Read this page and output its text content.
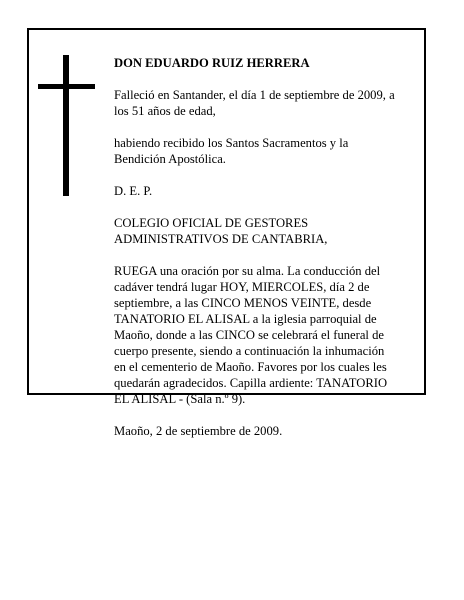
DON EDUARDO RUIZ HERRERA

Falleció en Santander, el día 1 de septiembre de 2009, a
los 51 años de edad,

habiendo recibido los Santos Sacramentos y la
Bendición Apostólica.

D. E. P.

COLEGIO OFICIAL DE GESTORES
ADMINISTRATIVOS DE CANTABRIA,

RUEGA una oración por su alma. La conducción del
cadáver tendrá lugar HOY, MIERCOLES, día 2 de
septiembre, a las CINCO MENOS VEINTE, desde
TANATORIO EL ALISAL a la iglesia parroquial de
Maoño, donde a las CINCO se celebrará el funeral de
cuerpo presente, siendo a continuación la inhumación
en el cementerio de Maoño. Favores por los cuales les
quedarán agradecidos. Capilla ardiente: TANATORIO
EL ALISAL - (Sala n.º 9).

Maoño, 2 de septiembre de 2009.
